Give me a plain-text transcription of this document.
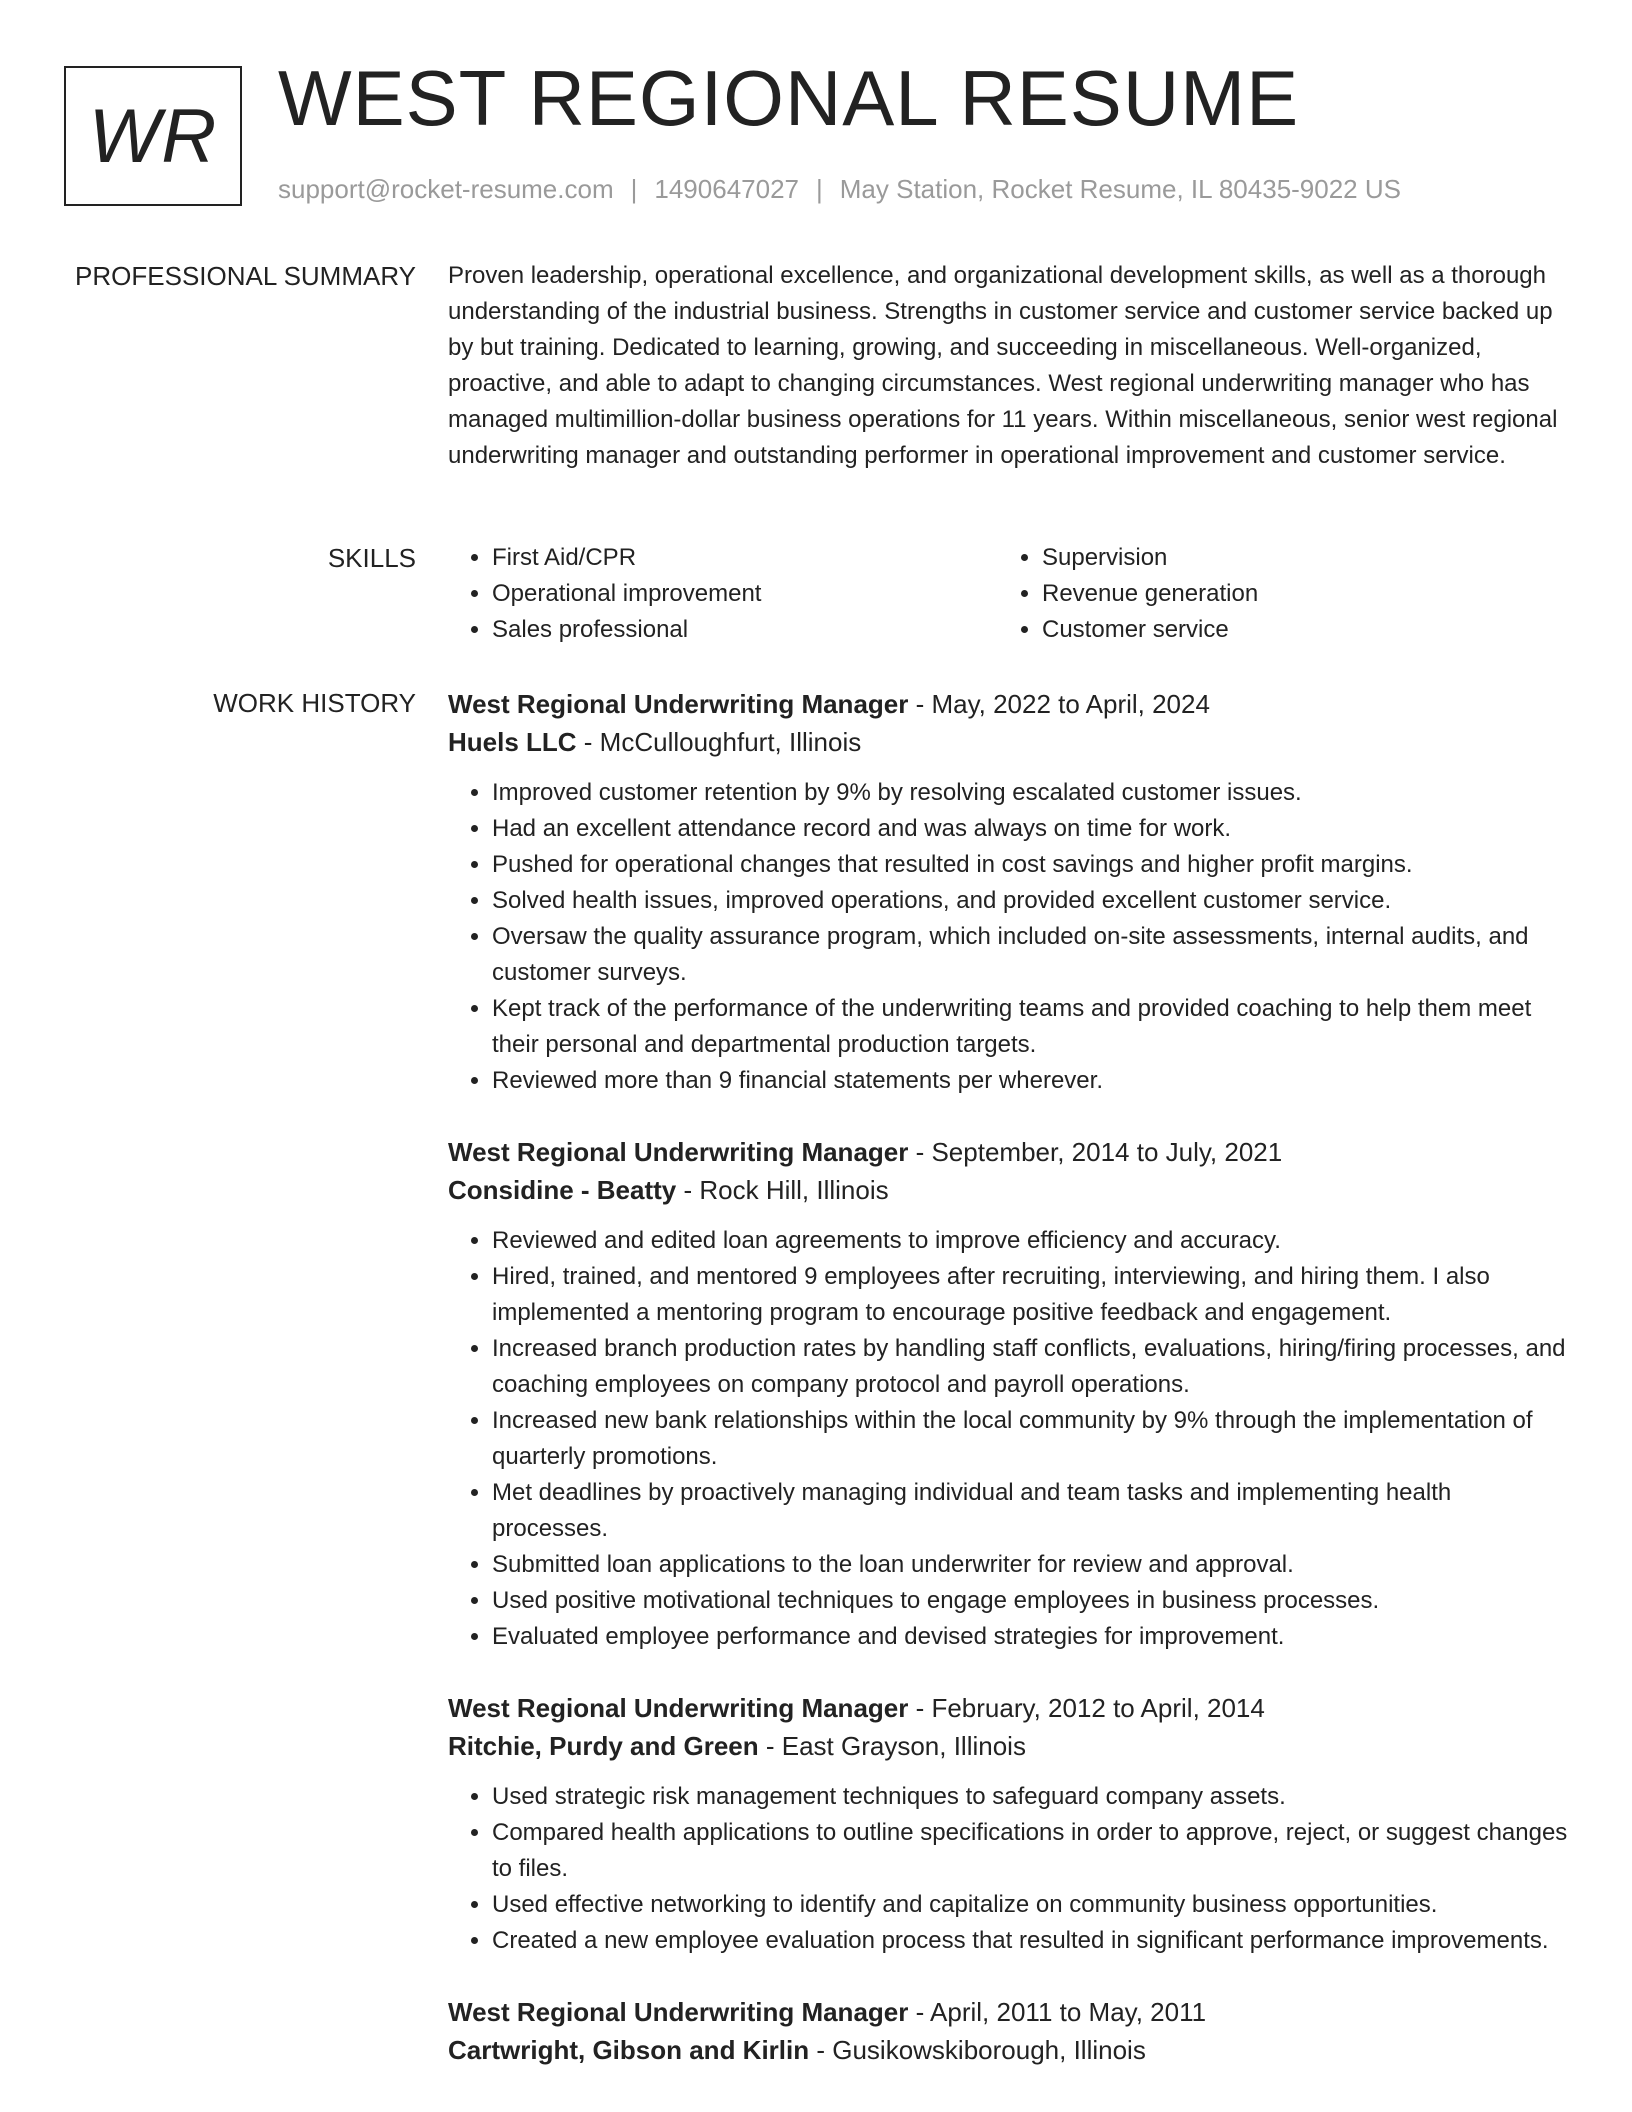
WR WEST REGIONAL RESUME
support@rocket-resume.com | 1490647027 | May Station, Rocket Resume, IL 80435-9022 US
PROFESSIONAL SUMMARY Proven leadership, operational excellence, and organizational development skills, as well as a thorough understanding of the industrial business. Strengths in customer service and customer service backed up by but training. Dedicated to learning, growing, and succeeding in miscellaneous. Well-organized, proactive, and able to adapt to changing circumstances. West regional underwriting manager who has managed multimillion-dollar business operations for 11 years. Within miscellaneous, senior west regional underwriting manager and outstanding performer in operational improvement and customer service.

SKILLS
•	First Aid/CPR
• Operational improvement
• Sales professional
• Supervision
• Revenue generation
• Customer service
WORK HISTORY West Regional Underwriting Manager - May, 2022 to April, 2024
Huels LLC - McCulloughfurt, Illinois
• Improved customer retention by 9% by resolving escalated customer issues.
• Had an excellent attendance record and was always on time for work.
• Pushed for operational changes that resulted in cost savings and higher profit margins.
• Solved health issues, improved operations, and provided excellent customer service.
• Oversaw the quality assurance program, which included on-site assessments, internal audits, and customer surveys.
• Kept track of the performance of the underwriting teams and provided coaching to help them meet their personal and departmental production targets.
• Reviewed more than 9 financial statements per wherever.
West Regional Underwriting Manager - September, 2014 to July, 2021
Considine - Beatty - Rock Hill, Illinois
• Reviewed and edited loan agreements to improve efficiency and accuracy.
• Hired, trained, and mentored 9 employees after recruiting, interviewing, and hiring them. I also implemented a mentoring program to encourage positive feedback and engagement.
• Increased branch production rates by handling staff conflicts, evaluations, hiring/firing processes, and coaching employees on company protocol and payroll operations.
• Increased new bank relationships within the local community by 9% through the implementation of quarterly promotions.
• Met deadlines by proactively managing individual and team tasks and implementing health processes.
• Submitted loan applications to the loan underwriter for review and approval.
• Used positive motivational techniques to engage employees in business processes.
• Evaluated employee performance and devised strategies for improvement.
West Regional Underwriting Manager - February, 2012 to April, 2014
Ritchie, Purdy and Green - East Grayson, Illinois
• Used strategic risk management techniques to safeguard company assets.
• Compared health applications to outline specifications in order to approve, reject, or suggest changes to files.
• Used effective networking to identify and capitalize on community business opportunities.
• Created a new employee evaluation process that resulted in significant performance improvements.
West Regional Underwriting Manager - April, 2011 to May, 2011
Cartwright, Gibson and Kirlin - Gusikowskiborough, Illinois
